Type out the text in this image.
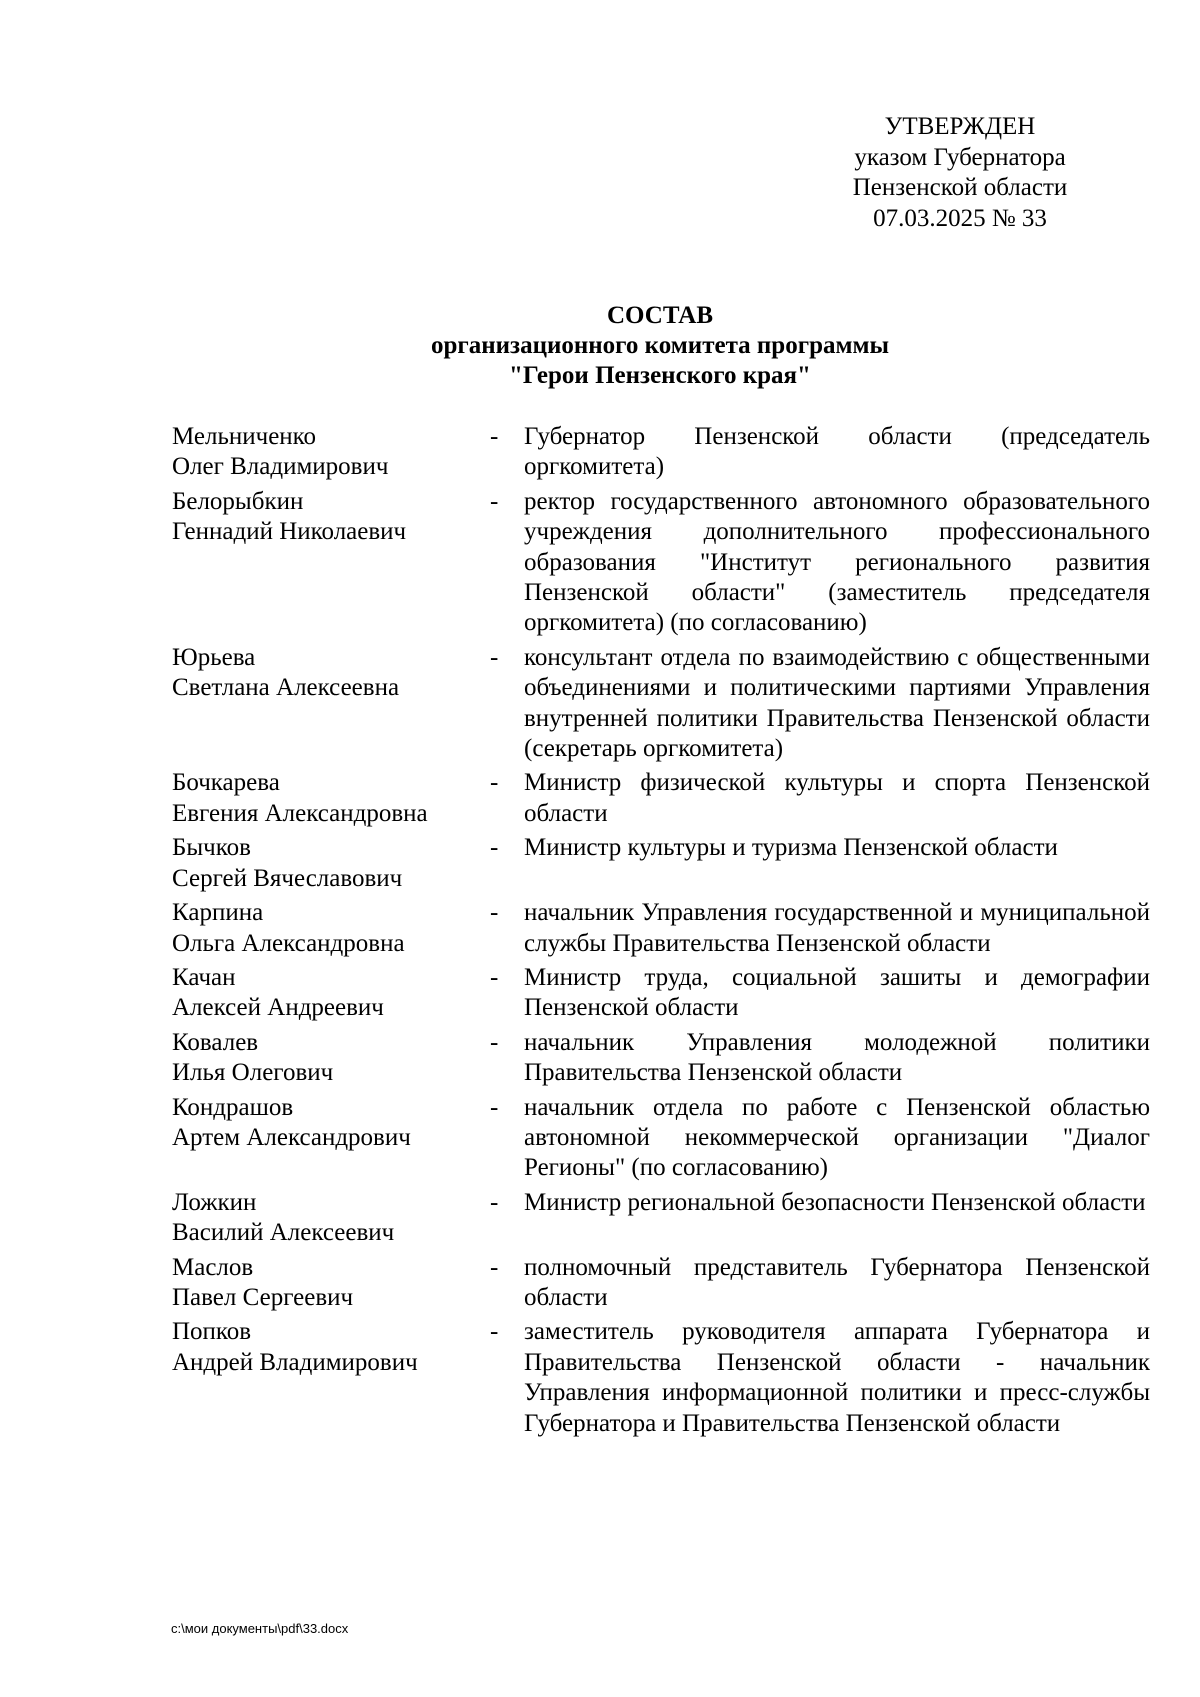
УТВЕРЖДЕН
указом Губернатора
Пензенской области
07.03.2025 № 33
СОСТАВ
организационного комитета программы
"Герои Пензенского края"
Мельниченко
Олег Владимирович
-	Губернатор Пензенской области (председатель оргкомитета)
Белорыбкин
Геннадий Николаевич
-	ректор государственного автономного образовательного учреждения дополнительного профессионального образования "Институт регионального развития Пензенской области" (заместитель председателя оргкомитета) (по согласованию)
Юрьева
Светлана Алексеевна
-	консультант отдела по взаимодействию с общественными объединениями и политическими партиями Управления внутренней политики Правительства Пензенской области (секретарь оргкомитета)
Бочкарева
Евгения Александровна
-	Министр физической культуры и спорта Пензенской области
Бычков
Сергей Вячеславович
-	Министр культуры и туризма Пензенской области
Карпина
Ольга Александровна
-	начальник Управления государственной и муниципальной службы Правительства Пензенской области
Качан
Алексей Андреевич
-	Министр труда, социальной зашиты и демографии Пензенской области
Ковалев
Илья Олегович
-	начальник Управления молодежной политики Правительства Пензенской области
Кондрашов
Артем Александрович
-	начальник отдела по работе с Пензенской областью автономной некоммерческой организации "Диалог Регионы" (по согласованию)
Ложкин
Василий Алексеевич
-	Министр региональной безопасности Пензенской области
Маслов
Павел Сергеевич
-	полномочный представитель Губернатора Пензенской области
Попков
Андрей Владимирович
-	заместитель руководителя аппарата Губернатора и Правительства Пензенской области - начальник Управления информационной политики и пресс-службы Губернатора и Правительства Пензенской области
c:\мои документы\pdf\33.docx
